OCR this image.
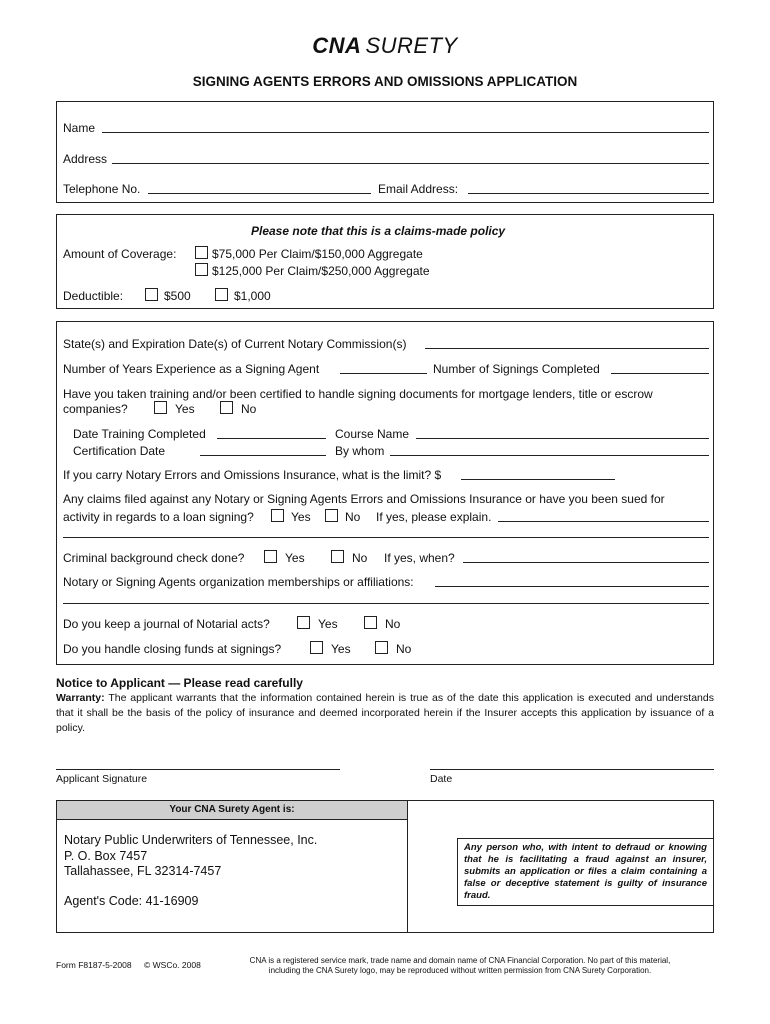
CNA SURETY
SIGNING AGENTS ERRORS AND OMISSIONS APPLICATION
Name
Address
Telephone No.	Email Address:
Please note that this is a claims-made policy
Amount of Coverage:	$75,000 Per Claim/$150,000 Aggregate
$125,000 Per Claim/$250,000 Aggregate
Deductible:	$500	$1,000
State(s) and Expiration Date(s) of Current Notary Commission(s)
Number of Years Experience as a Signing Agent	Number of Signings Completed
Have you taken training and/or been certified to handle signing documents for mortgage lenders, title or escrow
companies?	Yes	No
Date Training Completed	Course Name
Certification Date	By whom
If you carry Notary Errors and Omissions Insurance, what is the limit? $
Any claims filed against any Notary or Signing Agents Errors and Omissions Insurance or have you been sued for
activity in regards to a loan signing?	Yes	No If yes, please explain.
Criminal background check done?	Yes	No If yes, when?
Notary or Signing Agents organization memberships or affiliations:
Do you keep a journal of Notarial acts?	Yes	No
Do you handle closing funds at signings?	Yes	No
Notice to Applicant — Please read carefully
Warranty: The applicant warrants that the information contained herein is true as of the date this application is executed and understands that it shall be the basis of the policy of insurance and deemed incorporated herein if the Insurer accepts this application by issuance of a policy.
Applicant Signature	Date
Your CNA Surety Agent is:
Notary Public Underwriters of Tennessee, Inc.
P. O. Box 7457
Tallahassee, FL 32314-7457
Agent's Code: 41-16909
Any person who, with intent to defraud or knowing that he is facilitating a fraud against an insurer, submits an application or files a claim containing a false or deceptive statement is guilty of insurance fraud.
Form F8187-5-2008 © WSCo. 2008	CNA is a registered service mark, trade name and domain name of CNA Financial Corporation. No part of this material,
including the CNA Surety logo, may be reproduced without written permission from CNA Surety Corporation.
